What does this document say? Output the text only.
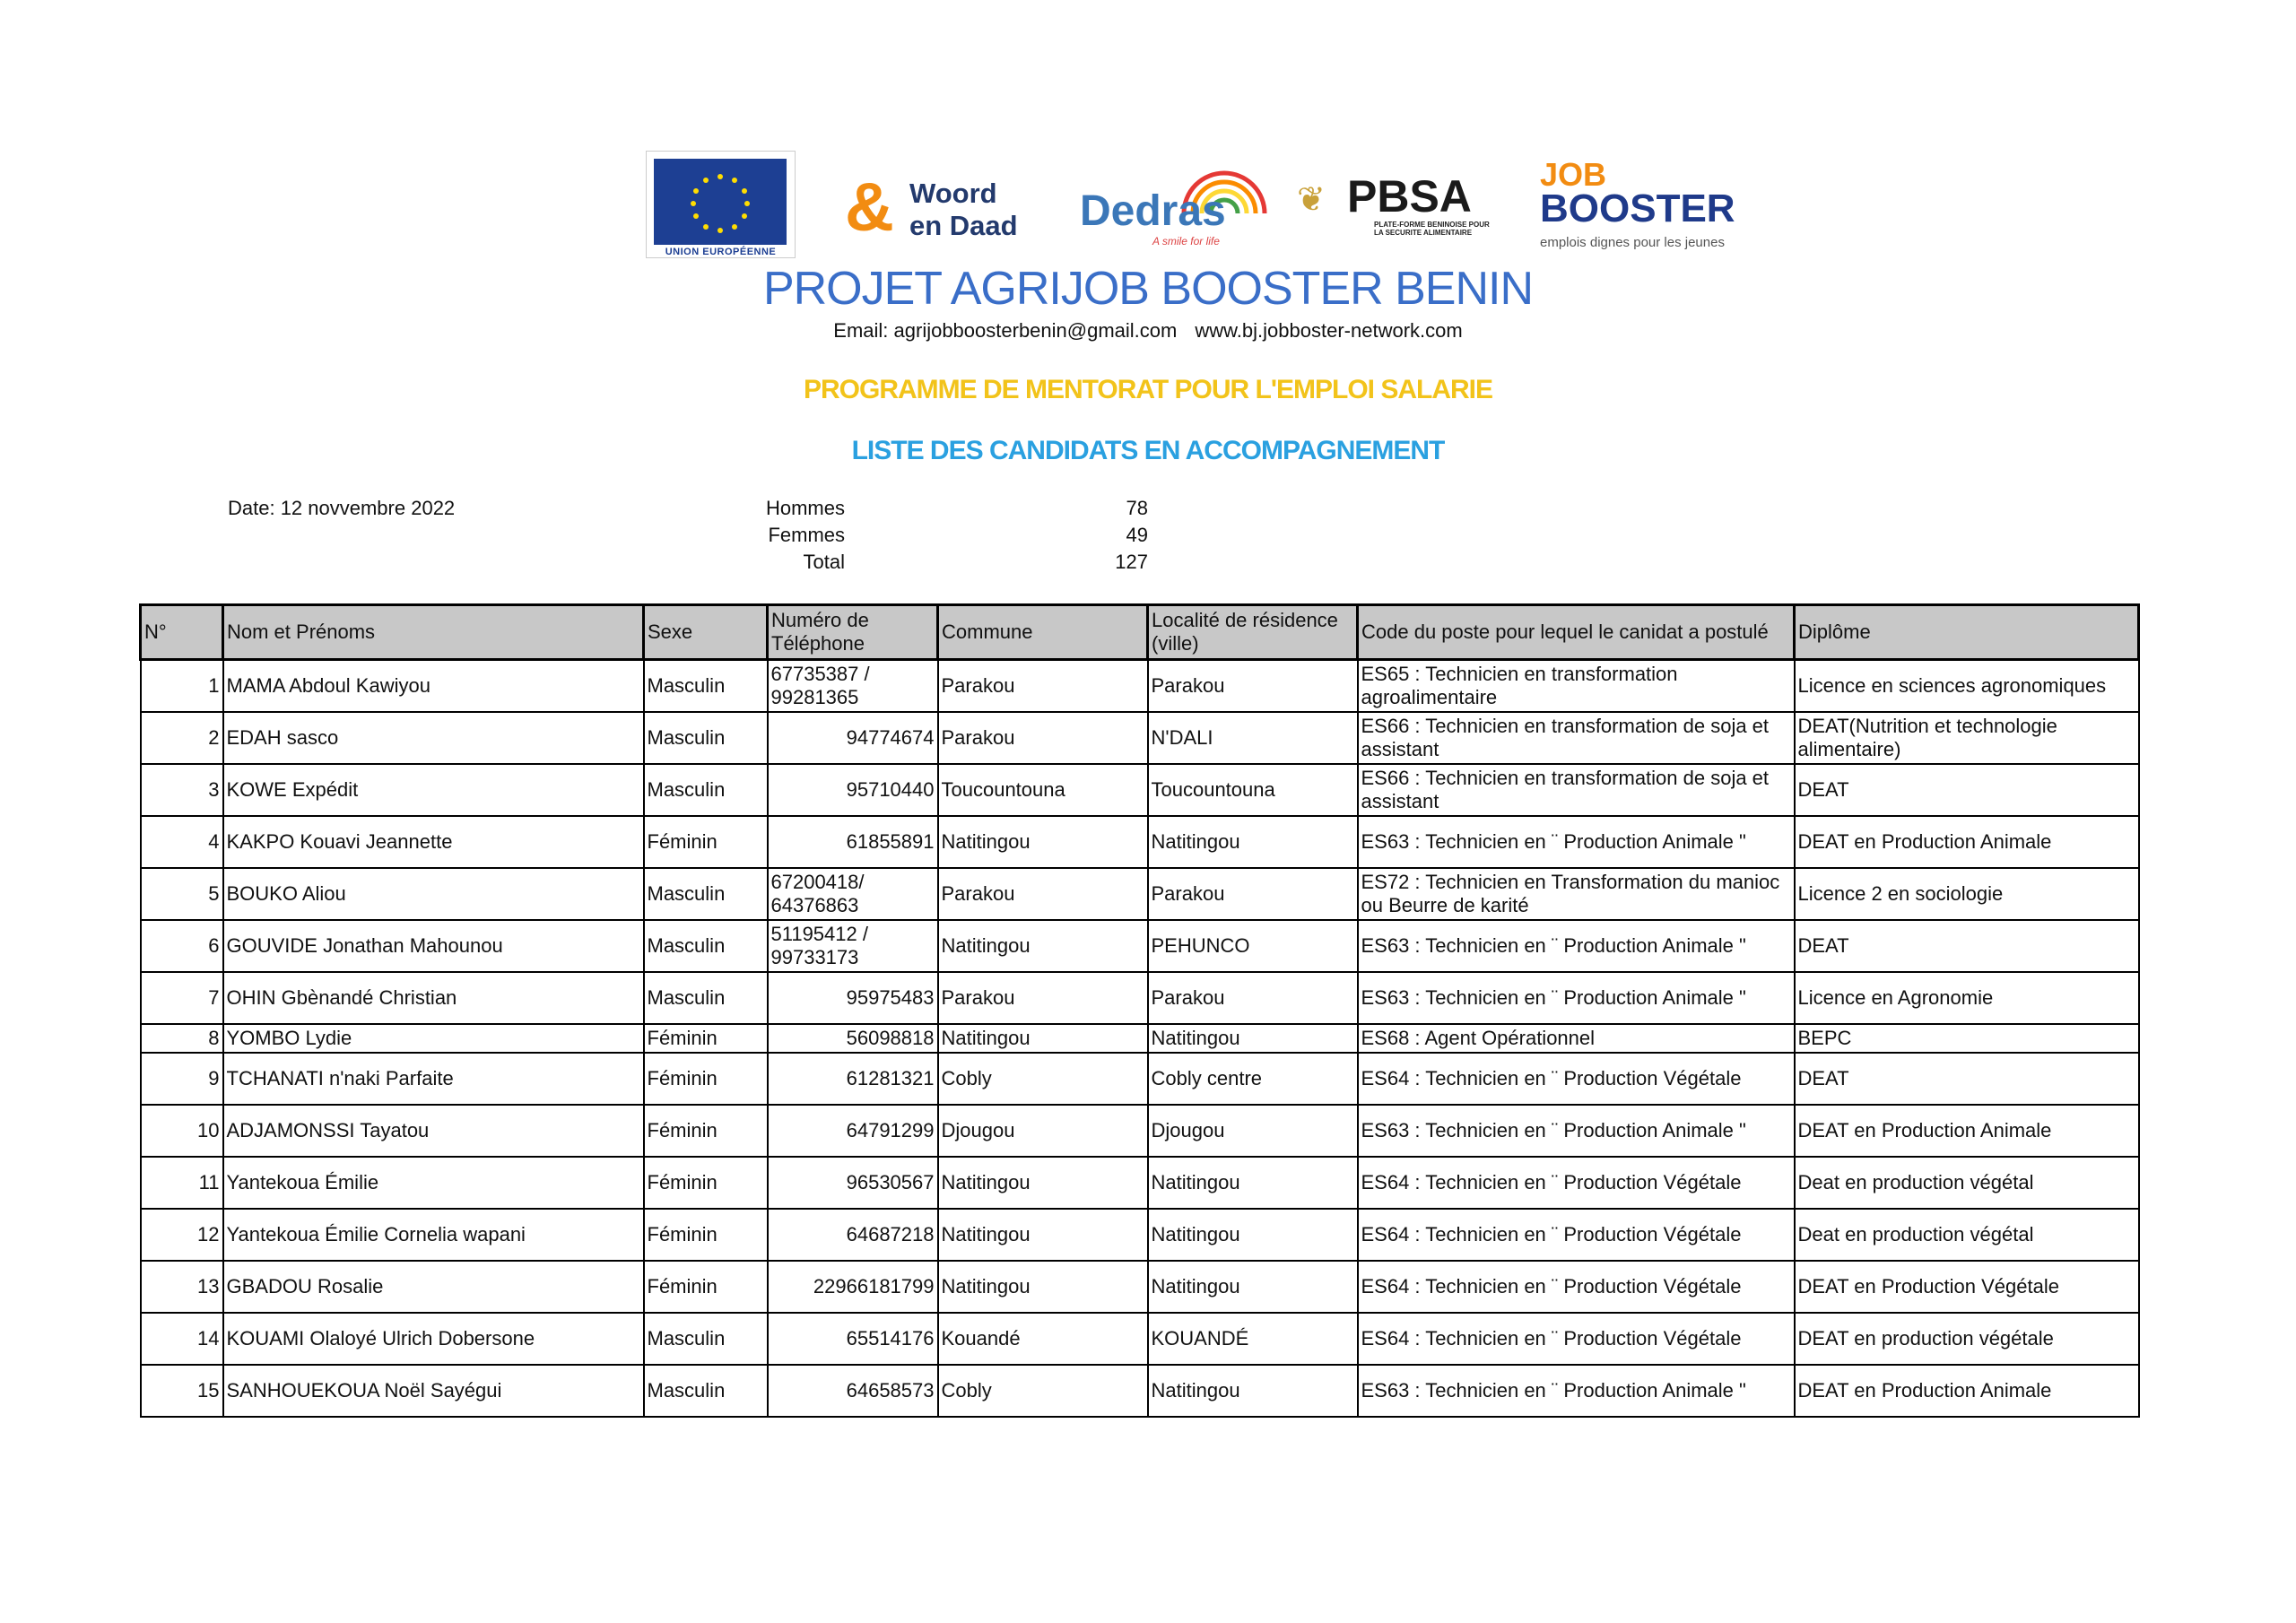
UNION EUROPÉENNE
& Woord
en Daad Dedras
A smile for life
❦ PBSA
PLATE-FORME BENINOISE POUR LA SECURITE ALIMENTAIRE
JOB
BOOSTER
emplois dignes pour les jeunes
PROJET AGRIJOB BOOSTER BENIN
Email: agrijobboosterbenin@gmail.com www.bj.jobboster-network.com
PROGRAMME DE MENTORAT POUR L'EMPLOI SALARIE
LISTE DES CANDIDATS EN ACCOMPAGNEMENT
Date: 12 novvembre 2022	Hommes	78
Femmes	49
Total	127
N°	Nom et Prénoms	Sexe	Numéro de Téléphone	Commune	Localité de résidence (ville)	Code du poste pour lequel le canidat a postulé	Diplôme
1	MAMA Abdoul Kawiyou	Masculin	67735387 / 99281365	Parakou	Parakou	ES65 : Technicien en transformation agroalimentaire	Licence en sciences agronomiques
2	EDAH sasco	Masculin	94774674	Parakou	N'DALI	ES66 : Technicien en transformation de soja et assistant	DEAT(Nutrition et technologie alimentaire)
3	KOWE Expédit	Masculin	95710440	Toucountouna	Toucountouna	ES66 : Technicien en transformation de soja et assistant	DEAT
4	KAKPO Kouavi Jeannette	Féminin	61855891	Natitingou	Natitingou	ES63 : Technicien en ¨ Production Animale "	DEAT en Production Animale
5	BOUKO Aliou	Masculin	67200418/ 64376863	Parakou	Parakou	ES72 : Technicien en Transformation du manioc ou Beurre de karité	Licence 2 en sociologie
6	GOUVIDE Jonathan Mahounou	Masculin	51195412 / 99733173	Natitingou	PEHUNCO	ES63 : Technicien en ¨ Production Animale "	DEAT
7	OHIN Gbènandé Christian	Masculin	95975483	Parakou	Parakou	ES63 : Technicien en ¨ Production Animale "	Licence en Agronomie
8	YOMBO Lydie	Féminin	56098818	Natitingou	Natitingou	ES68 : Agent Opérationnel	BEPC
9	TCHANATI n'naki Parfaite	Féminin	61281321	Cobly	Cobly centre	ES64 : Technicien en ¨ Production Végétale	DEAT
10	ADJAMONSSI Tayatou	Féminin	64791299	Djougou	Djougou	ES63 : Technicien en ¨ Production Animale "	DEAT en Production Animale
11	Yantekoua Émilie	Féminin	96530567	Natitingou	Natitingou	ES64 : Technicien en ¨ Production Végétale	Deat en production végétal
12	Yantekoua Émilie Cornelia wapani	Féminin	64687218	Natitingou	Natitingou	ES64 : Technicien en ¨ Production Végétale	Deat en production végétal
13	GBADOU Rosalie	Féminin	22966181799	Natitingou	Natitingou	ES64 : Technicien en ¨ Production Végétale	DEAT en Production Végétale
14	KOUAMI Olaloyé Ulrich Dobersone	Masculin	65514176	Kouandé	KOUANDÉ	ES64 : Technicien en ¨ Production Végétale	DEAT en production végétale
15	SANHOUEKOUA Noël Sayégui	Masculin	64658573	Cobly	Natitingou	ES63 : Technicien en ¨ Production Animale "	DEAT en Production Animale
